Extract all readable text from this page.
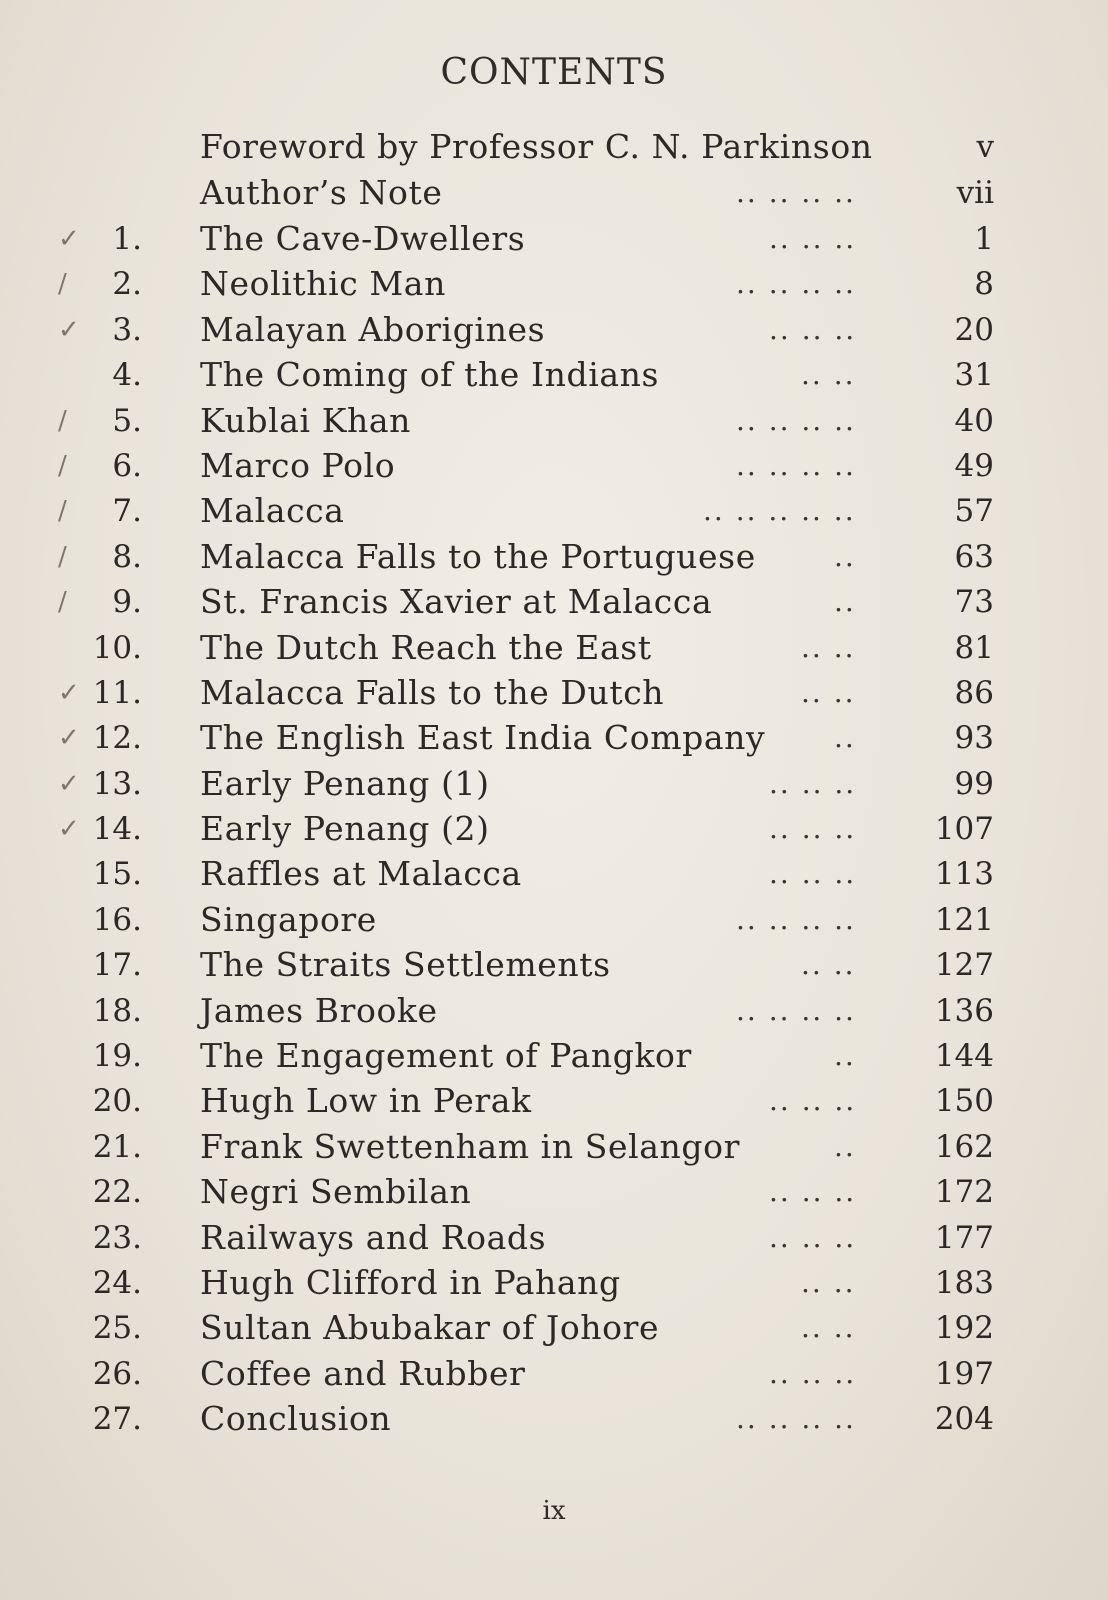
CONTENTS
Foreword by Professor C. N. Parkinson	v
Author’s Note	.. .. .. ..	vii
✓	1. The Cave-Dwellers	.. .. ..	1
/	2. Neolithic Man	.. .. .. ..	8
✓	3. Malayan Aborigines	.. .. ..	20
4. The Coming of the Indians	.. ..	31
/	5. Kublai Khan	.. .. .. ..	40
/	6. Marco Polo	.. .. .. ..	49
/	7. Malacca	.. .. .. .. ..	57
/	8. Malacca Falls to the Portuguese	..	63
/	9. St. Francis Xavier at Malacca	..	73
10. The Dutch Reach the East	.. ..	81
✓ 11. Malacca Falls to the Dutch	.. ..	86
✓ 12. The English East India Company ..	93
✓ 13. Early Penang (1)	.. .. ..	99
✓ 14. Early Penang (2)	.. .. ..	107
15. Raffles at Malacca	.. .. ..	113
16. Singapore	.. .. .. ..	121
17. The Straits Settlements	.. ..	127
18. James Brooke	.. .. .. ..	136
19. The Engagement of Pangkor	..	144
20. Hugh Low in Perak	.. .. ..	150
21. Frank Swettenham in Selangor	..	162
22. Negri Sembilan	.. .. ..	172
23. Railways and Roads	.. .. ..	177
24. Hugh Clifford in Pahang	.. ..	183
25. Sultan Abubakar of Johore	.. ..	192
26. Coffee and Rubber	.. .. ..	197
27. Conclusion	.. .. .. ..	204
ix
